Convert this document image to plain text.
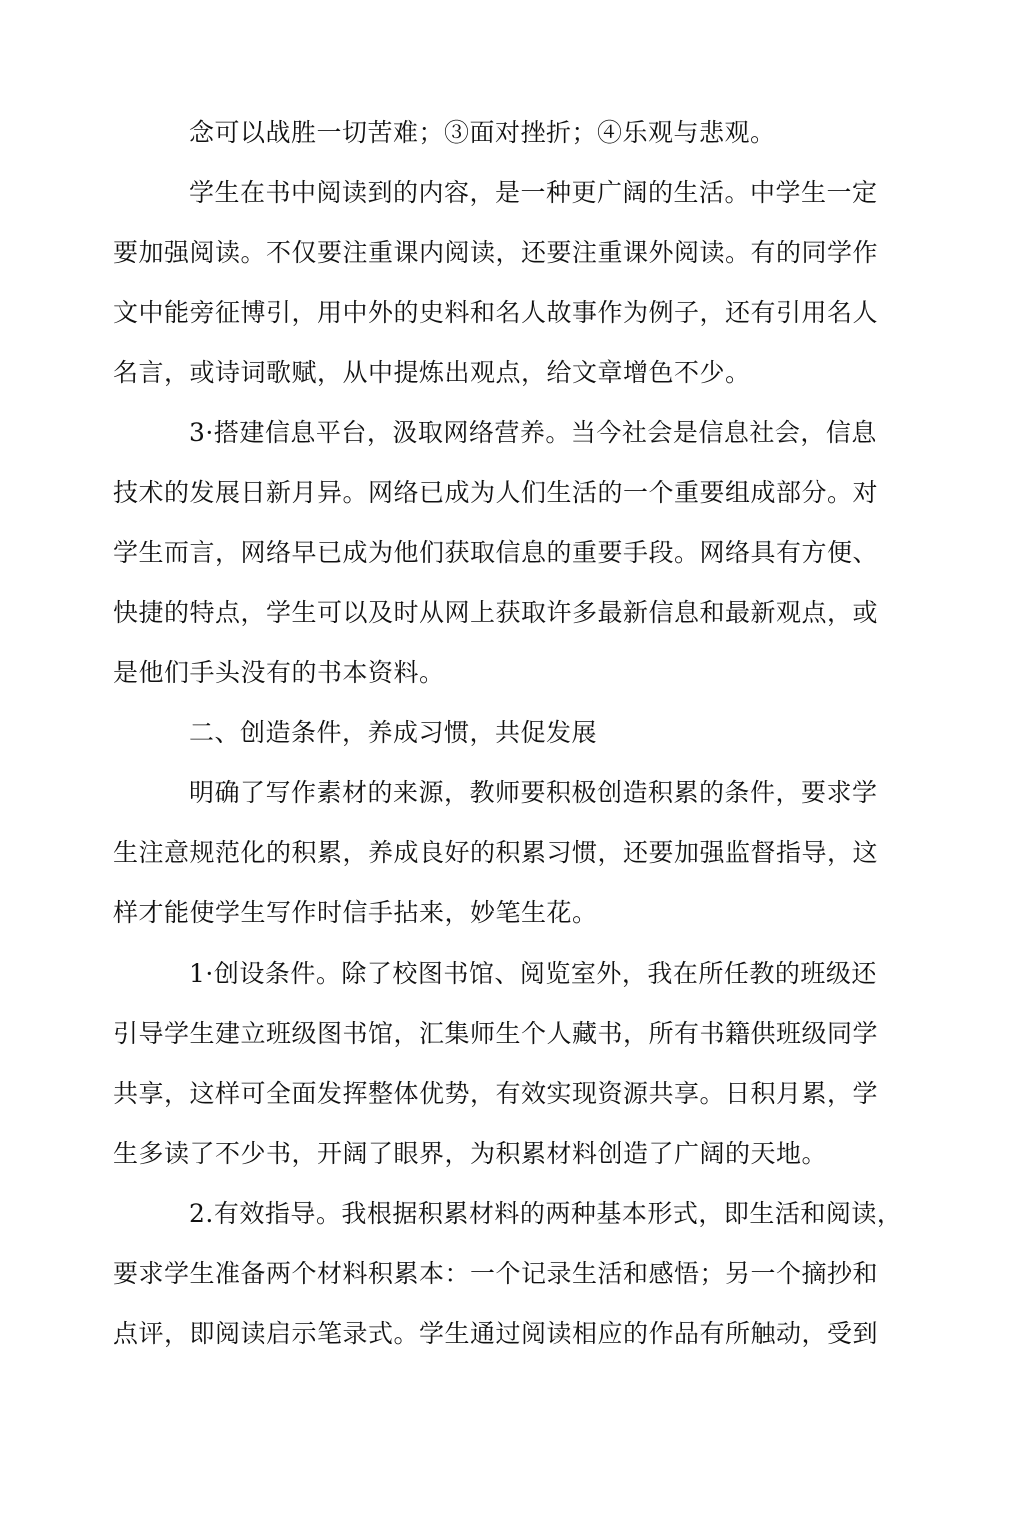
念可以战胜一切苦难；③面对挫折；④乐观与悲观。
学生在书中阅读到的内容，是一种更广阔的生活。中学生一定
要加强阅读。不仅要注重课内阅读，还要注重课外阅读。有的同学作
文中能旁征博引，用中外的史料和名人故事作为例子，还有引用名人
名言，或诗词歌赋，从中提炼出观点，给文章增色不少。
3·搭建信息平台，汲取网络营养。当今社会是信息社会，信息
技术的发展日新月异。网络已成为人们生活的一个重要组成部分。对
学生而言，网络早已成为他们获取信息的重要手段。网络具有方便、
快捷的特点，学生可以及时从网上获取许多最新信息和最新观点，或
是他们手头没有的书本资料。
二、创造条件，养成习惯，共促发展
明确了写作素材的来源，教师要积极创造积累的条件，要求学
生注意规范化的积累，养成良好的积累习惯，还要加强监督指导，这
样才能使学生写作时信手拈来，妙笔生花。
1·创设条件。除了校图书馆、阅览室外，我在所任教的班级还
引导学生建立班级图书馆，汇集师生个人藏书，所有书籍供班级同学
共享，这样可全面发挥整体优势，有效实现资源共享。日积月累，学
生多读了不少书，开阔了眼界，为积累材料创造了广阔的天地。
2.有效指导。我根据积累材料的两种基本形式，即生活和阅读，
要求学生准备两个材料积累本：一个记录生活和感悟；另一个摘抄和
点评，即阅读启示笔录式。学生通过阅读相应的作品有所触动，受到
